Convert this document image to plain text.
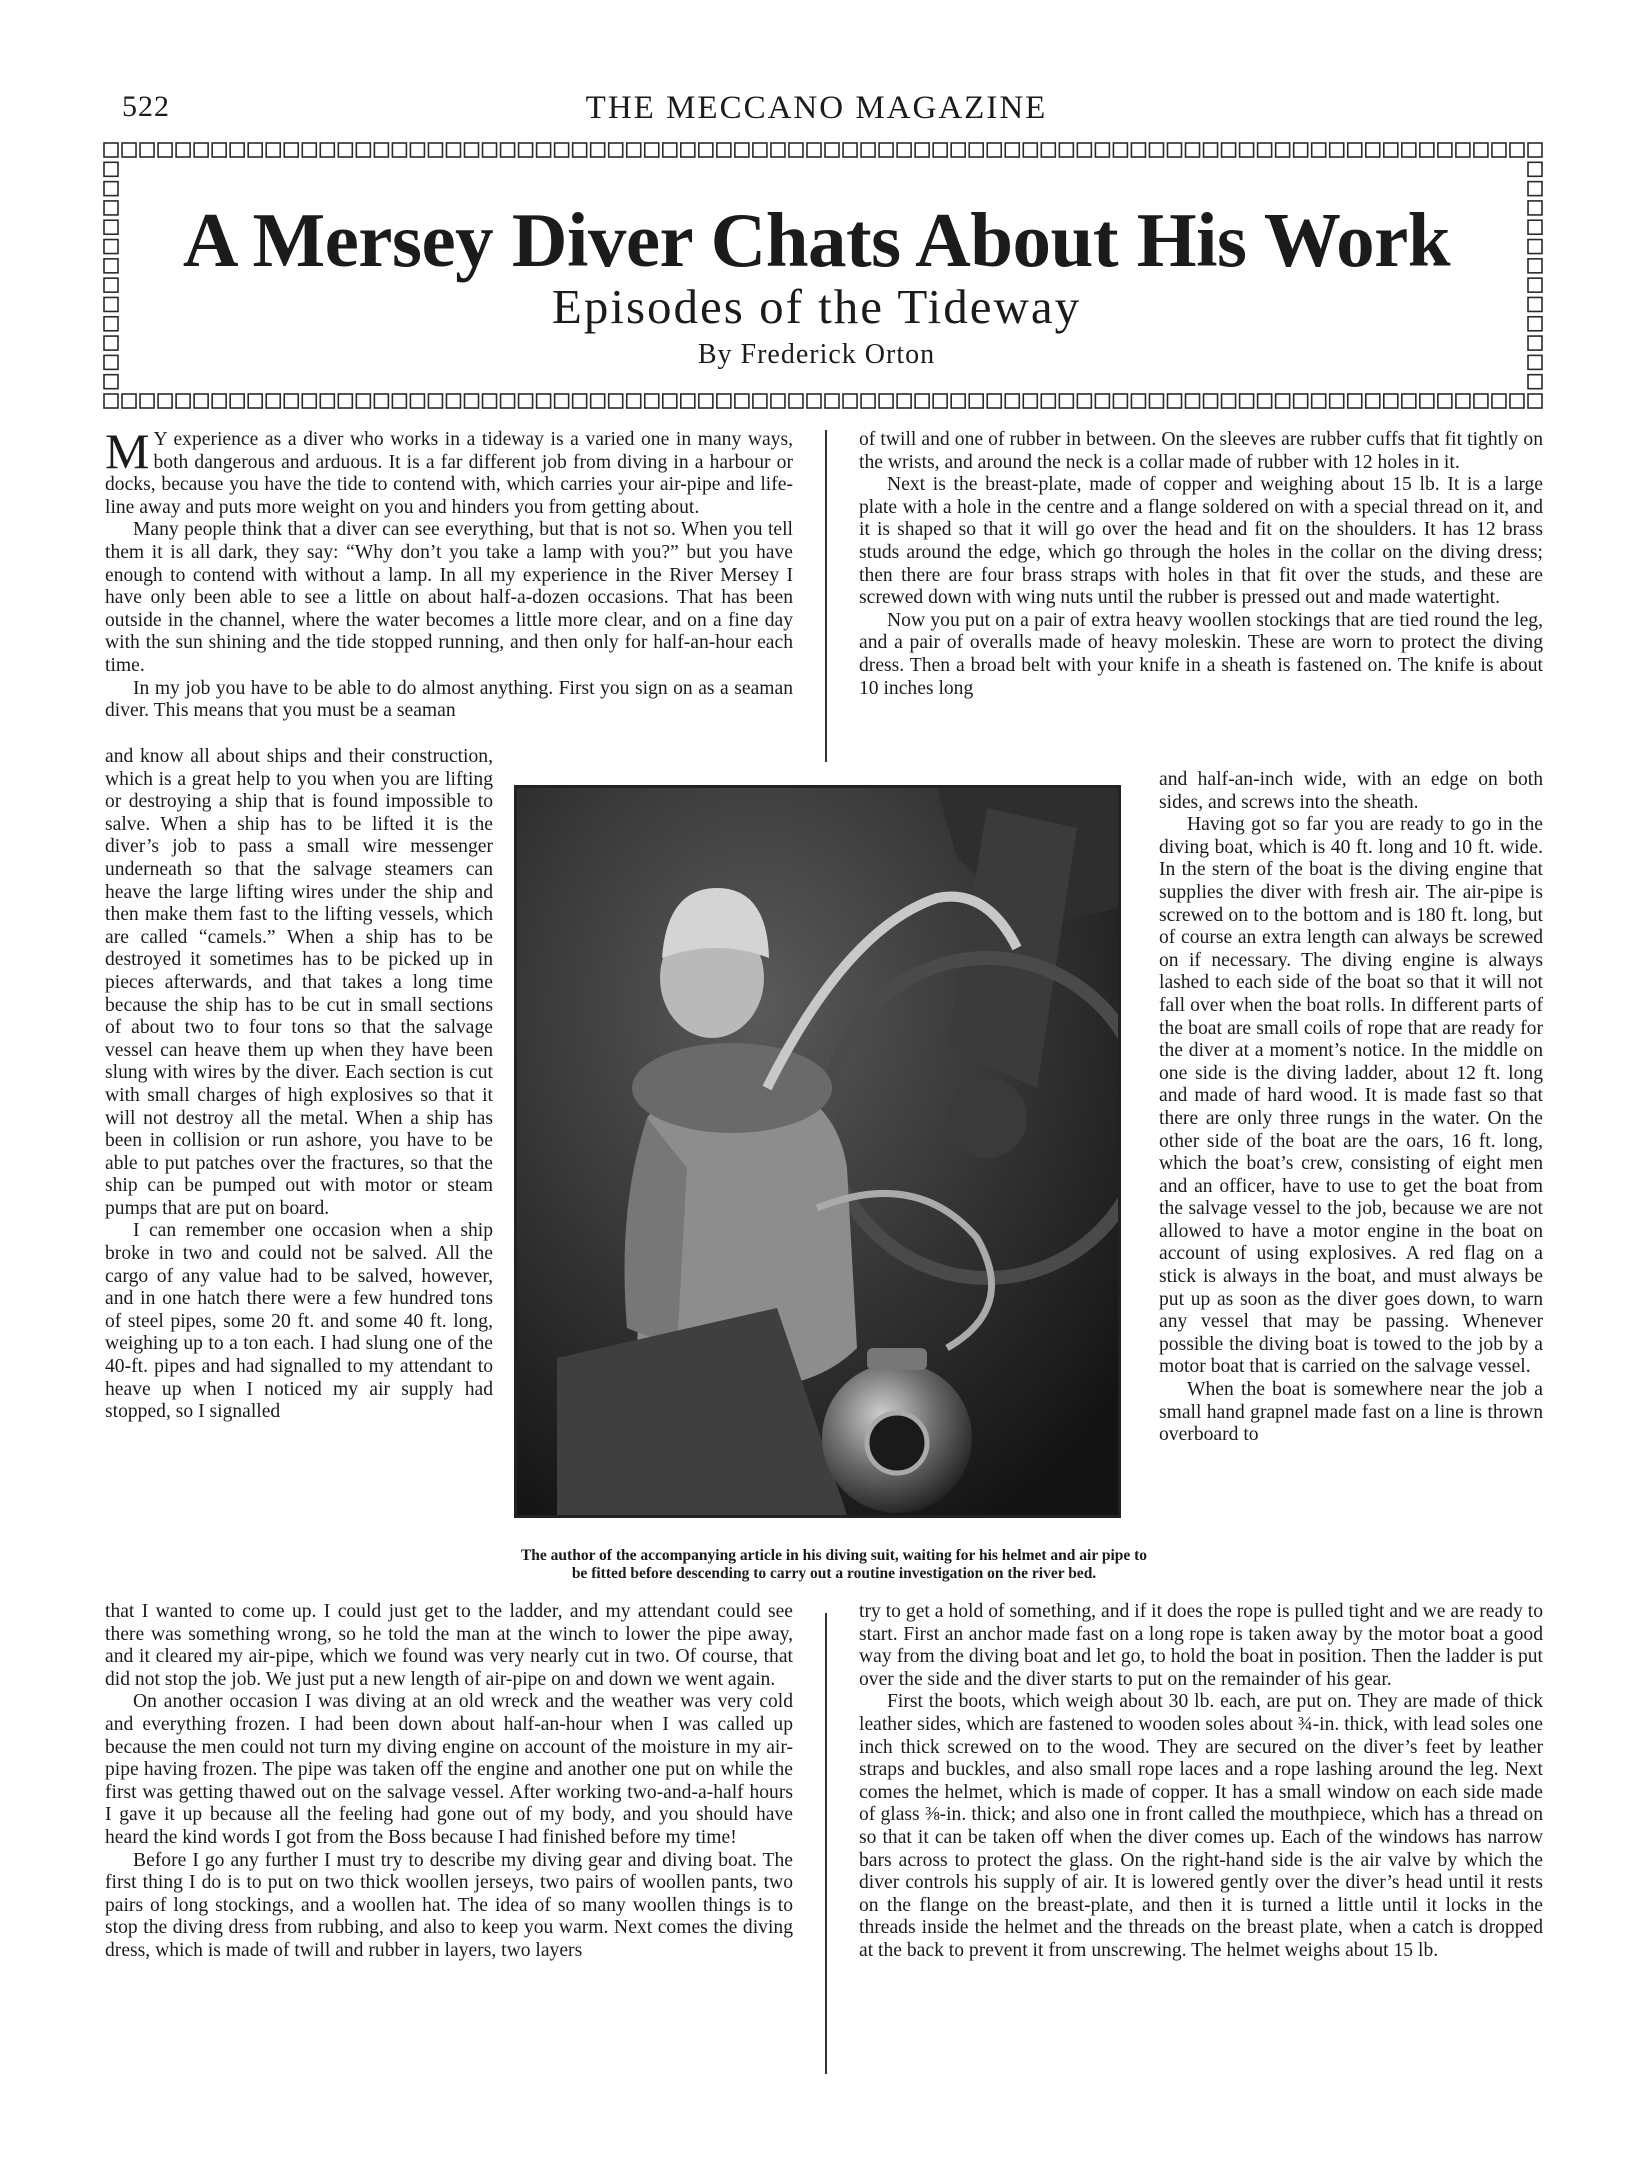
522	THE MECCANO MAGAZINE
A Mersey Diver Chats About His Work
Episodes of the Tideway
By Frederick Orton

M Y experience as a diver who works in a tideway is a varied one in many ways, both dangerous and arduous. It is a far different job from diving in a harbour or docks, because you have the tide to contend with, which carries your air-pipe and life-line away and puts more weight on you and hinders you from getting about.

Many people think that a diver can see everything, but that is not so. When you tell them it is all dark, they say: “Why don’t you take a lamp with you?” but you have enough to contend with without a lamp. In all my experience in the River Mersey I have only been able to see a little on about half-a-dozen occasions. That has been outside in the channel, where the water becomes a little more clear, and on a fine day with the sun shining and the tide stopped running, and then only for half-an-hour each time.

In my job you have to be able to do almost anything. First you sign on as a seaman diver. This means that you must be a seaman

and know all about ships and their construction, which is a great help to you when you are lifting or destroying a ship that is found impossible to salve. When a ship has to be lifted it is the diver’s job to pass a small wire messenger underneath so that the salvage steamers can heave the large lifting wires under the ship and then make them fast to the lifting vessels, which are called “camels.” When a ship has to be destroyed it sometimes has to be picked up in pieces afterwards, and that takes a long time because the ship has to be cut in small sections of about two to four tons so that the salvage vessel can heave them up when they have been slung with wires by the diver. Each section is cut with small charges of high explosives so that it will not destroy all the metal. When a ship has been in collision or run ashore, you have to be able to put patches over the fractures, so that the ship can be pumped out with motor or steam pumps that are put on board.

I can remember one occasion when a ship broke in two and could not be salved. All the cargo of any value had to be salved, however, and in one hatch there were a few hundred tons of steel pipes, some 20 ft. and some 40 ft. long, weighing up to a ton each. I had slung one of the 40-ft. pipes and had signalled to my attendant to heave up when I noticed my air supply had stopped, so I signalled

that I wanted to come up. I could just get to the ladder, and my attendant could see there was something wrong, so he told the man at the winch to lower the pipe away, and it cleared my air-pipe, which we found was very nearly cut in two. Of course, that did not stop the job. We just put a new length of air-pipe on and down we went again.

On another occasion I was diving at an old wreck and the weather was very cold and everything frozen. I had been down about half-an-hour when I was called up because the men could not turn my diving engine on account of the moisture in my air-pipe having frozen. The pipe was taken off the engine and another one put on while the first was getting thawed out on the salvage vessel. After working two-and-a-half hours I gave it up because all the feeling had gone out of my body, and you should have heard the kind words I got from the Boss because I had finished before my time!

Before I go any further I must try to describe my diving gear and diving boat. The first thing I do is to put on two thick woollen jerseys, two pairs of woollen pants, two pairs of long stockings, and a woollen hat. The idea of so many woollen things is to stop the diving dress from rubbing, and also to keep you warm. Next comes the diving dress, which is made of twill and rubber in layers, two layers

of twill and one of rubber in between. On the sleeves are rubber cuffs that fit tightly on the wrists, and around the neck is a collar made of rubber with 12 holes in it.

Next is the breast-plate, made of copper and weighing about 15 lb. It is a large plate with a hole in the centre and a flange soldered on with a special thread on it, and it is shaped so that it will go over the head and fit on the shoulders. It has 12 brass studs around the edge, which go through the holes in the collar on the diving dress; then there are four brass straps with holes in that fit over the studs, and these are screwed down with wing nuts until the rubber is pressed out and made watertight.

Now you put on a pair of extra heavy woollen stockings that are tied round the leg, and a pair of overalls made of heavy moleskin. These are worn to protect the diving dress. Then a broad belt with your knife in a sheath is fastened on. The knife is about 10 inches long

and half-an-inch wide, with an edge on both sides, and screws into the sheath.

Having got so far you are ready to go in the diving boat, which is 40 ft. long and 10 ft. wide. In the stern of the boat is the diving engine that supplies the diver with fresh air. The air-pipe is screwed on to the bottom and is 180 ft. long, but of course an extra length can always be screwed on if necessary. The diving engine is always lashed to each side of the boat so that it will not fall over when the boat rolls. In different parts of the boat are small coils of rope that are ready for the diver at a moment’s notice. In the middle on one side is the diving ladder, about 12 ft. long and made of hard wood. It is made fast so that there are only three rungs in the water. On the other side of the boat are the oars, 16 ft. long, which the boat’s crew, consisting of eight men and an officer, have to use to get the boat from the salvage vessel to the job, because we are not allowed to have a motor engine in the boat on account of using explosives. A red flag on a stick is always in the boat, and must always be put up as soon as the diver goes down, to warn any vessel that may be passing. Whenever possible the diving boat is towed to the job by a motor boat that is carried on the salvage vessel.

When the boat is somewhere near the job a small hand grapnel made fast on a line is thrown overboard to

try to get a hold of something, and if it does the rope is pulled tight and we are ready to start. First an anchor made fast on a long rope is taken away by the motor boat a good way from the diving boat and let go, to hold the boat in position. Then the ladder is put over the side and the diver starts to put on the remainder of his gear.

First the boots, which weigh about 30 lb. each, are put on. They are made of thick leather sides, which are fastened to wooden soles about ¾-in. thick, with lead soles one inch thick screwed on to the wood. They are secured on the diver’s feet by leather straps and buckles, and also small rope laces and a rope lashing around the leg. Next comes the helmet, which is made of copper. It has a small window on each side made of glass ⅜-in. thick; and also one in front called the mouthpiece, which has a thread on so that it can be taken off when the diver comes up. Each of the windows has narrow bars across to protect the glass. On the right-hand side is the air valve by which the diver controls his supply of air. It is lowered gently over the diver’s head until it rests on the flange on the breast-plate, and then it is turned a little until it locks in the threads inside the helmet and the threads on the breast plate, when a catch is dropped at the back to prevent it from unscrewing. The helmet weighs about 15 lb.

The author of the accompanying article in his diving suit, waiting for his helmet and air pipe to be fitted before descending to carry out a routine investigation on the river bed.
